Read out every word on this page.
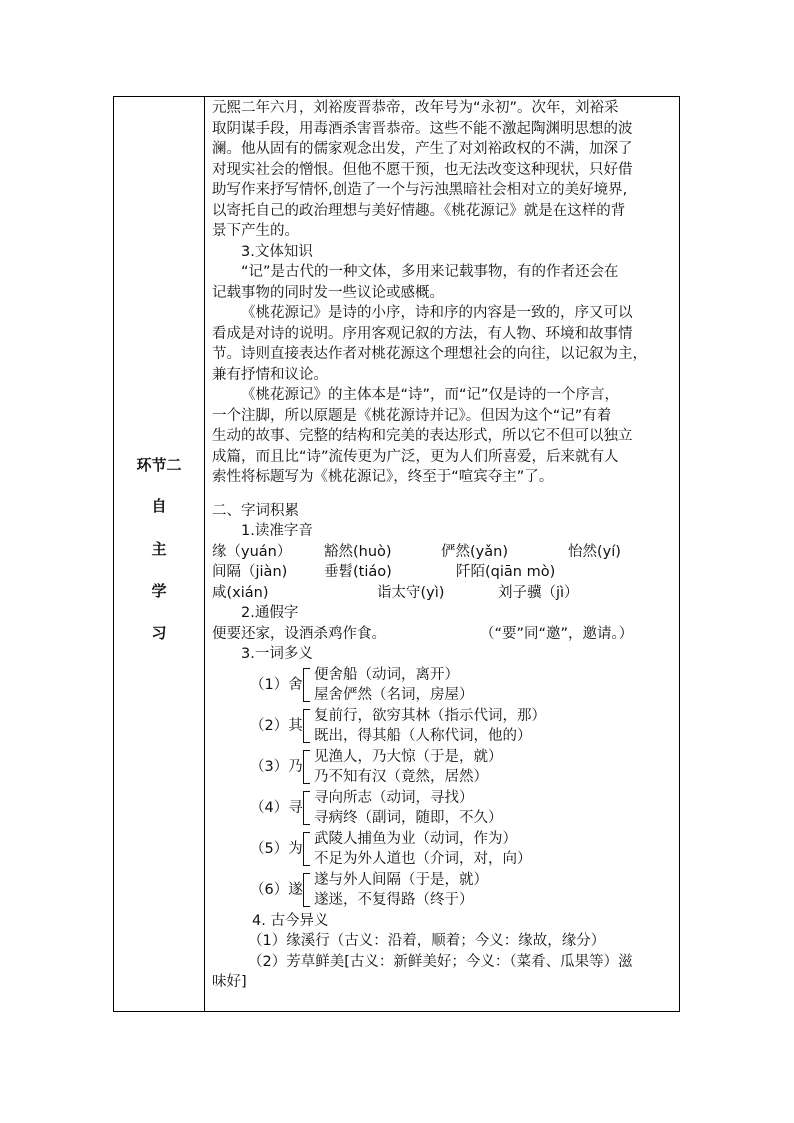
环节二
自
主
学
习
元熙二年六月，刘裕废晋恭帝，改年号为“永初”。次年，刘裕采
取阴谋手段，用毒酒杀害晋恭帝。这些不能不激起陶渊明思想的波
澜。他从固有的儒家观念出发，产生了对刘裕政权的不满，加深了
对现实社会的憎恨。但他不愿干预，也无法改变这种现状，只好借
助写作来抒写情怀,创造了一个与污浊黑暗社会相对立的美好境界,
以寄托自己的政治理想与美好情趣。《桃花源记》就是在这样的背
景下产生的。
3.文体知识
“记”是古代的一种文体，多用来记载事物，有的作者还会在
记载事物的同时发一些议论或感概。
《桃花源记》是诗的小序，诗和序的内容是一致的，序又可以
看成是对诗的说明。序用客观记叙的方法，有人物、环境和故事情
节。诗则直接表达作者对桃花源这个理想社会的向往，以记叙为主，
兼有抒情和议论。
《桃花源记》的主体本是“诗”，而“记”仅是诗的一个序言，
一个注脚，所以原题是《桃花源诗并记》。但因为这个“记”有着
生动的故事、完整的结构和完美的表达形式，所以它不但可以独立
成篇，而且比“诗”流传更为广泛，更为人们所喜爱，后来就有人
索性将标题写为《桃花源记》，终至于“喧宾夺主”了。
二、字词积累
1.读准字音
缘（yuán）	豁然(huò)	俨然(yǎn)	怡然(yí)
间隔（jiàn)	垂髫(tiáo)	阡陌(qiān mò)
咸(xián)	诣太守(yì)	刘子骥（jì）
2.通假字
便要还家，设酒杀鸡作食。	（“要”同“邀”，邀请。）
3.一词多义
（1）舍
便舍船（动词，离开）
屋舍俨然（名词，房屋）
（2）其
复前行，欲穷其林（指示代词，那）
既出，得其船（人称代词，他的）
（3）乃
见渔人，乃大惊（于是，就）
乃不知有汉（竟然，居然）
（4）寻
寻向所志（动词，寻找）
寻病终（副词，随即，不久）
（5）为
武陵人捕鱼为业（动词，作为）
不足为外人道也（介词，对，向）
（6）遂
遂与外人间隔（于是，就）
遂迷，不复得路（终于）
4. 古今异义
（1）缘溪行（古义：沿着，顺着；今义：缘故，缘分）
（2）芳草鲜美[古义：新鲜美好；今义：（菜肴、瓜果等）滋
味好]
